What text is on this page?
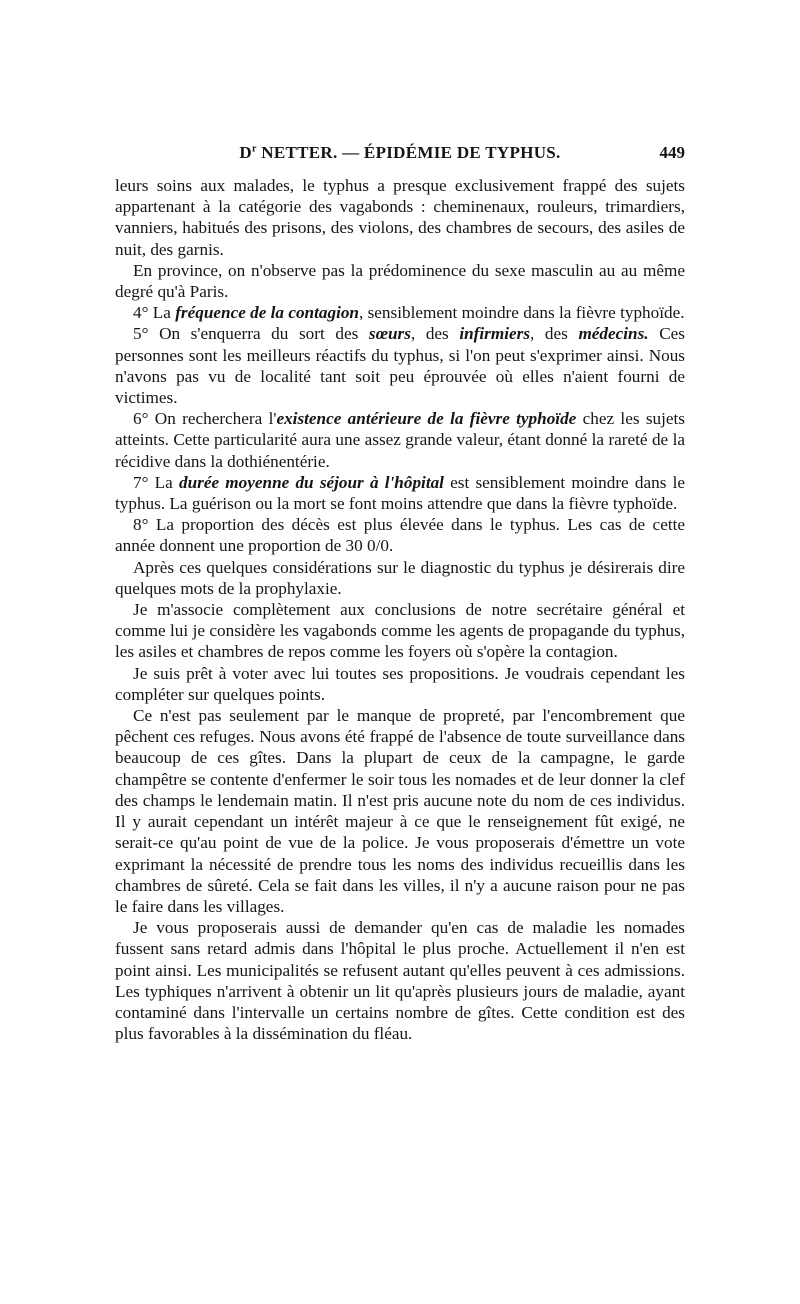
$D^r$ NETTER. — ÉPIDÉMIE DE TYPHUS.	449

leurs soins aux malades, le typhus a presque exclusivement frappé des sujets appartenant à la catégorie des vagabonds : cheminenaux, rouleurs, trimardiers, vanniers, habitués des prisons, des violons, des chambres de secours, des asiles de nuit, des garnis.

En province, on n'observe pas la prédominence du sexe masculin au au même degré qu'à Paris.

4° La fréquence de la contagion, sensiblement moindre dans la fièvre typhoïde.

5° On s'enquerra du sort des sœurs, des infirmiers, des médecins. Ces personnes sont les meilleurs réactifs du typhus, si l'on peut s'exprimer ainsi. Nous n'avons pas vu de localité tant soit peu éprouvée où elles n'aient fourni de victimes.

6° On recherchera l'existence antérieure de la fièvre typhoïde chez les sujets atteints. Cette particularité aura une assez grande valeur, étant donné la rareté de la récidive dans la dothiénentérie.

7° La durée moyenne du séjour à l'hôpital est sensiblement moindre dans le typhus. La guérison ou la mort se font moins attendre que dans la fièvre typhoïde.

8° La proportion des décès est plus élevée dans le typhus. Les cas de cette année donnent une proportion de 30 0/0.

Après ces quelques considérations sur le diagnostic du typhus je désirerais dire quelques mots de la prophylaxie.

Je m'associe complètement aux conclusions de notre secrétaire général et comme lui je considère les vagabonds comme les agents de propagande du typhus, les asiles et chambres de repos comme les foyers où s'opère la contagion.

Je suis prêt à voter avec lui toutes ses propositions. Je voudrais cependant les compléter sur quelques points.

Ce n'est pas seulement par le manque de propreté, par l'encombrement que pêchent ces refuges. Nous avons été frappé de l'absence de toute surveillance dans beaucoup de ces gîtes. Dans la plupart de ceux de la campagne, le garde champêtre se contente d'enfermer le soir tous les nomades et de leur donner la clef des champs le lendemain matin. Il n'est pris aucune note du nom de ces individus. Il y aurait cependant un intérêt majeur à ce que le renseignement fût exigé, ne serait-ce qu'au point de vue de la police. Je vous proposerais d'émettre un vote exprimant la nécessité de prendre tous les noms des individus recueillis dans les chambres de sûreté. Cela se fait dans les villes, il n'y a aucune raison pour ne pas le faire dans les villages.

Je vous proposerais aussi de demander qu'en cas de maladie les nomades fussent sans retard admis dans l'hôpital le plus proche. Actuellement il n'en est point ainsi. Les municipalités se refusent autant qu'elles peuvent à ces admissions. Les typhiques n'arrivent à obtenir un lit qu'après plusieurs jours de maladie, ayant contaminé dans l'intervalle un certains nombre de gîtes. Cette condition est des plus favorables à la dissémination du fléau.
